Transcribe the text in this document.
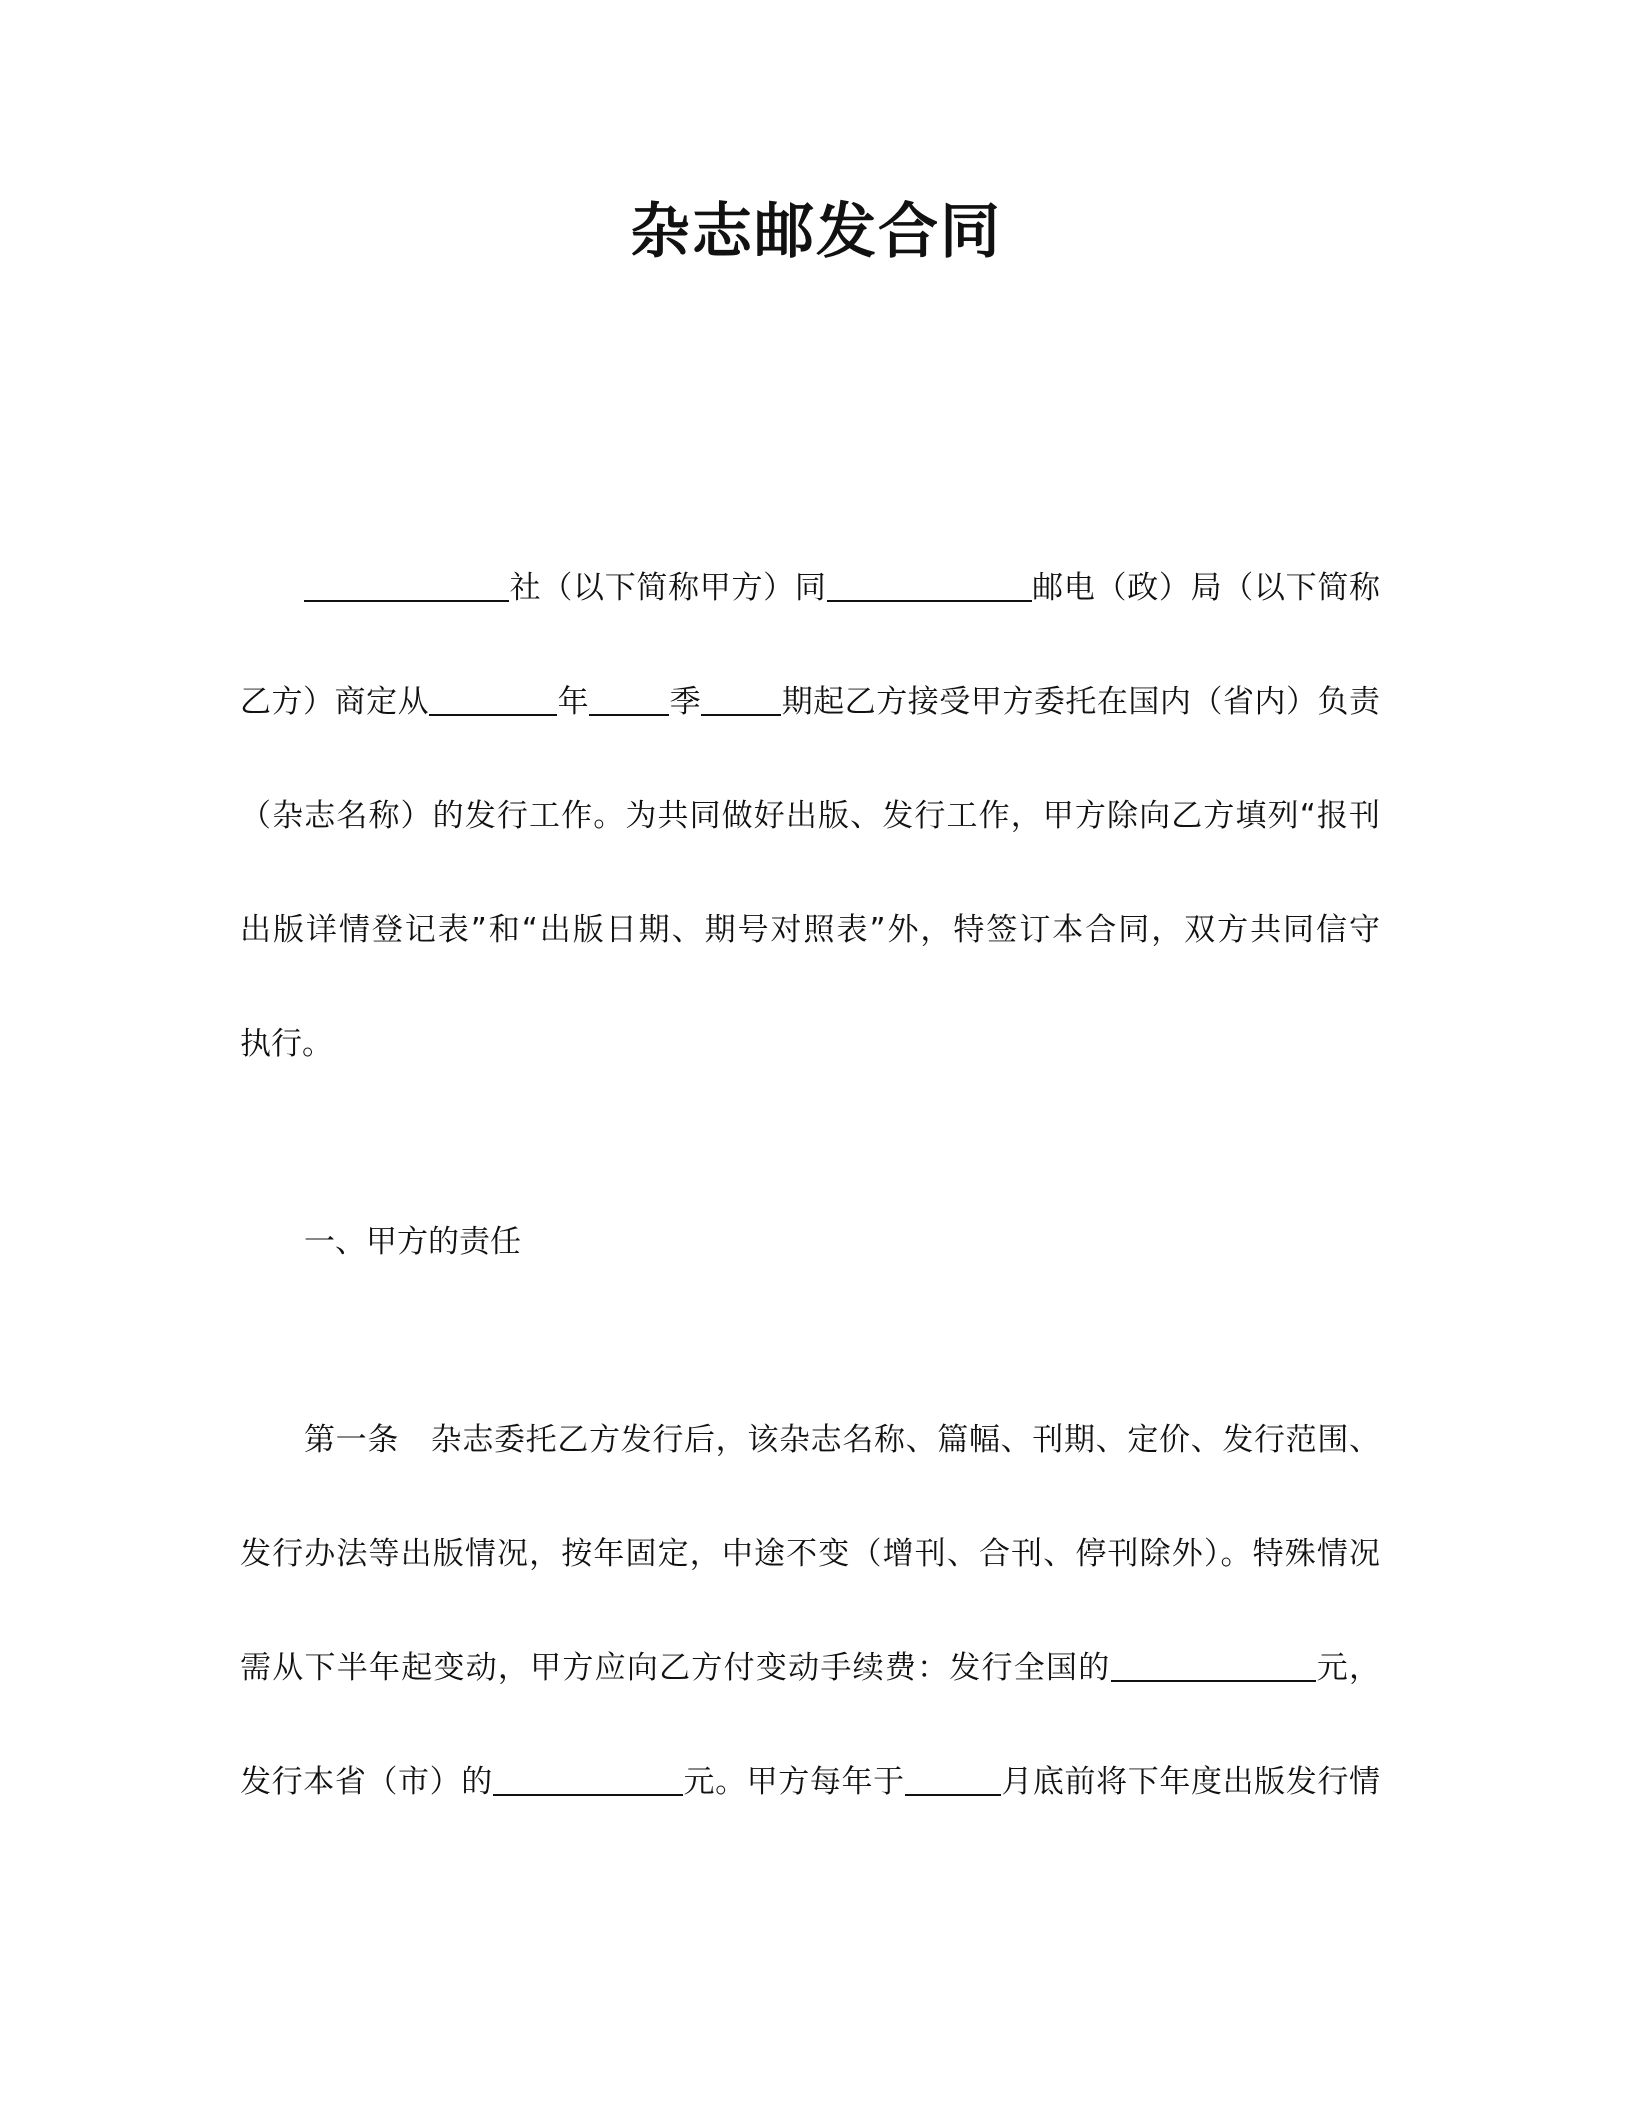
杂志邮发合同
社（以下简称甲方）同	邮电（政）局（以下简称
乙方）商定从	年	季	期起乙方接受甲方委托在国内（省内）负责
（杂志名称）的发行工作。为共同做好出版、发行工作，甲方除向乙方填列“报刊
出版详情登记表”和“出版日期、期号对照表”外，特签订本合同，双方共同信守
执行。
一、甲方的责任
第一条　杂志委托乙方发行后，该杂志名称、篇幅、刊期、定价、发行范围、
发行办法等出版情况，按年固定，中途不变（增刊、合刊、停刊除外）。特殊情况
需从下半年起变动，甲方应向乙方付变动手续费：发行全国的	元，
发行本省（市）的	元。甲方每年于	月底前将下年度出版发行情
